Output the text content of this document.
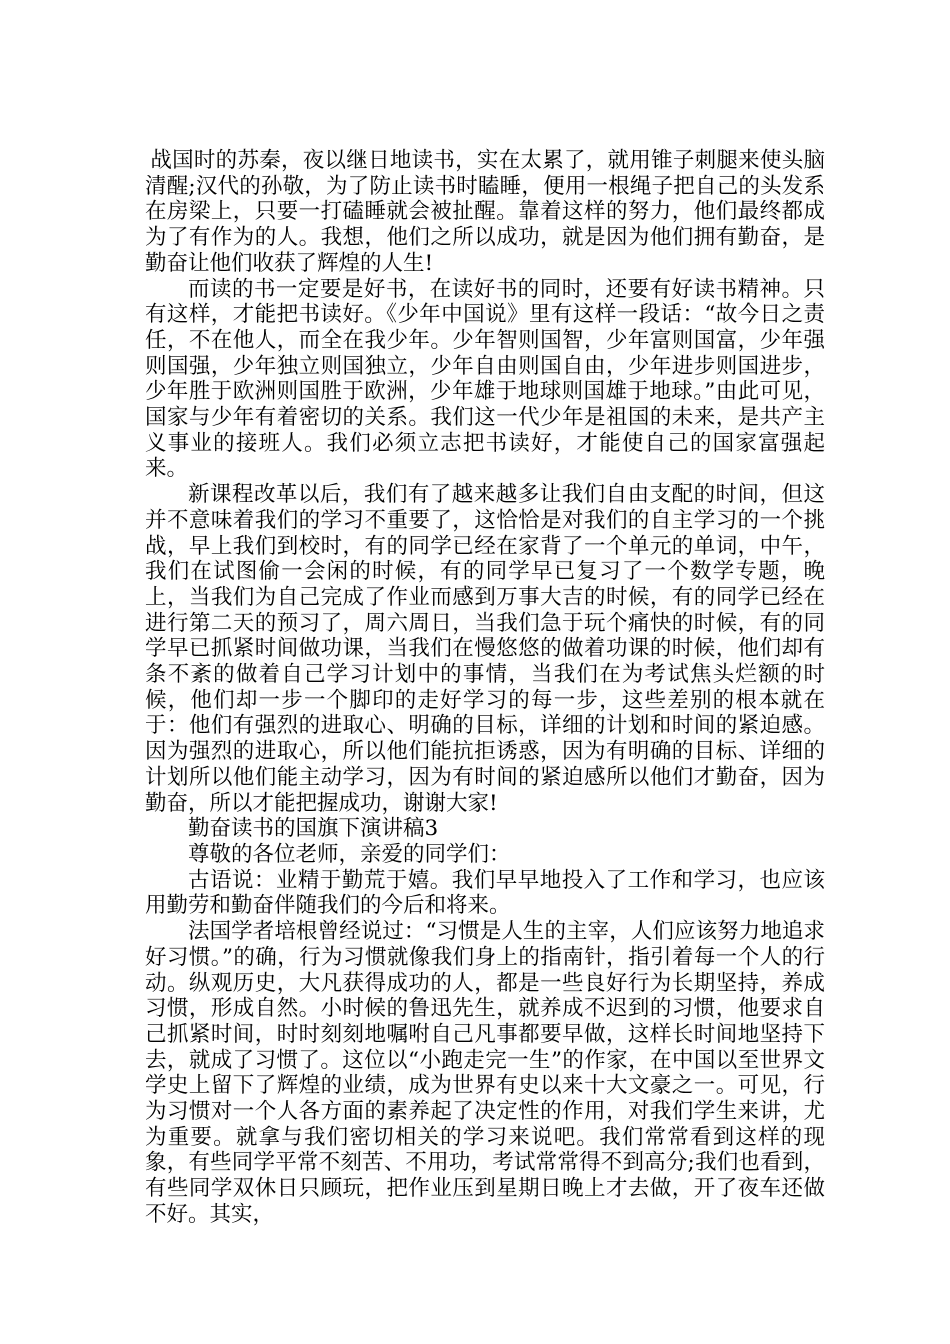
战国时的苏秦，夜以继日地读书，实在太累了，就用锥子刺腿来使头脑清醒;汉代的孙敬，为了防止读书时瞌睡，便用一根绳子把自己的头发系在房梁上，只要一打磕睡就会被扯醒。靠着这样的努力，他们最终都成为了有作为的人。我想，他们之所以成功，就是因为他们拥有勤奋，是勤奋让他们收获了辉煌的人生!

而读的书一定要是好书，在读好书的同时，还要有好读书精神。只有这样，才能把书读好。《少年中国说》里有这样一段话：“故今日之责任，不在他人，而全在我少年。少年智则国智，少年富则国富，少年强则国强，少年独立则国独立，少年自由则国自由，少年进步则国进步，少年胜于欧洲则国胜于欧洲，少年雄于地球则国雄于地球。”由此可见，国家与少年有着密切的关系。我们这一代少年是祖国的未来，是共产主义事业的接班人。我们必须立志把书读好，才能使自己的国家富强起来。

新课程改革以后，我们有了越来越多让我们自由支配的时间，但这并不意味着我们的学习不重要了，这恰恰是对我们的自主学习的一个挑战，早上我们到校时，有的同学已经在家背了一个单元的单词，中午，我们在试图偷一会闲的时候，有的同学早已复习了一个数学专题，晚上，当我们为自己完成了作业而感到万事大吉的时候，有的同学已经在进行第二天的预习了，周六周日，当我们急于玩个痛快的时候，有的同学早已抓紧时间做功课，当我们在慢悠悠的做着功课的时候，他们却有条不紊的做着自己学习计划中的事情，当我们在为考试焦头烂额的时候，他们却一步一个脚印的走好学习的每一步，这些差别的根本就在于：他们有强烈的进取心、明确的目标，详细的计划和时间的紧迫感。因为强烈的进取心，所以他们能抗拒诱惑，因为有明确的目标、详细的计划所以他们能主动学习，因为有时间的紧迫感所以他们才勤奋，因为勤奋，所以才能把握成功，谢谢大家!

勤奋读书的国旗下演讲稿3

尊敬的各位老师，亲爱的同学们：

古语说：业精于勤荒于嬉。我们早早地投入了工作和学习，也应该用勤劳和勤奋伴随我们的今后和将来。

法国学者培根曾经说过：“习惯是人生的主宰，人们应该努力地追求好习惯。”的确，行为习惯就像我们身上的指南针，指引着每一个人的行动。纵观历史，大凡获得成功的人，都是一些良好行为长期坚持，养成习惯，形成自然。小时候的鲁迅先生，就养成不迟到的习惯，他要求自己抓紧时间，时时刻刻地嘱咐自己凡事都要早做，这样长时间地坚持下去，就成了习惯了。这位以“小跑走完一生”的作家，在中国以至世界文学史上留下了辉煌的业绩，成为世界有史以来十大文豪之一。可见，行为习惯对一个人各方面的素养起了决定性的作用，对我们学生来讲，尤为重要。就拿与我们密切相关的学习来说吧。我们常常看到这样的现象，有些同学平常不刻苦、不用功，考试常常得不到高分;我们也看到，有些同学双休日只顾玩，把作业压到星期日晚上才去做，开了夜车还做不好。其实，
